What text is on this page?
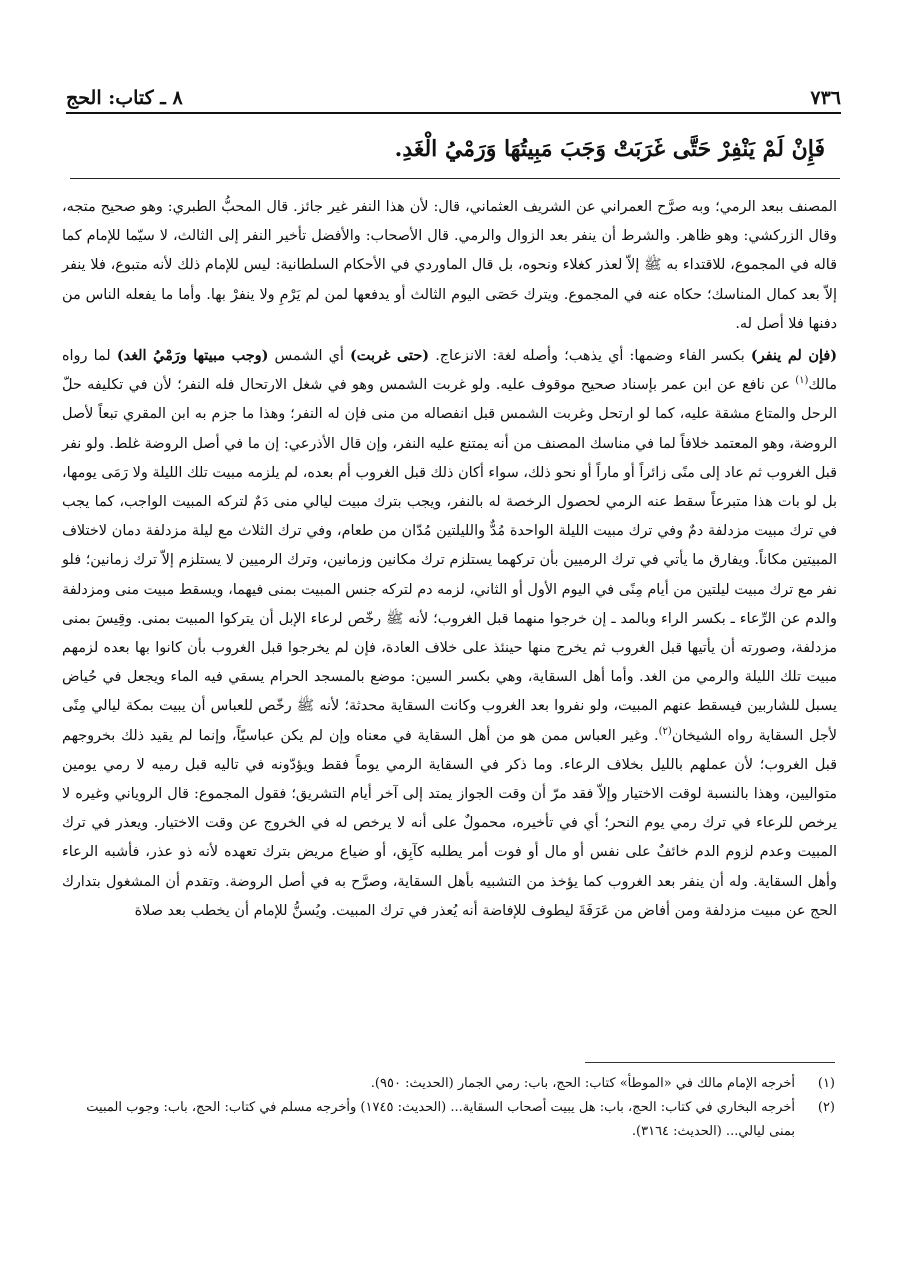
٧٣٦
٨ ـ كتاب: الحج
فَإِنْ لَمْ يَنْفِرْ حَتَّى غَرَبَتْ وَجَبَ مَبِيتُهَا وَرَمْيُ الْغَدِ.

المصنف ببعد الرمي؛ وبه صرَّح العمراني عن الشريف العثماني، قال: لأن هذا النفر غير جائز. قال المحبُّ الطبري: وهو صحيح متجه، وقال الزركشي: وهو ظاهر. والشرط أن ينفر بعد الزوال والرمي. قال الأصحاب: والأفضل تأخير النفر إلى الثالث، لا سيّما للإمام كما قاله في المجموع، للاقتداء به ﷺ إلاّ لعذر كغلاء ونحوه، بل قال الماوردي في الأحكام السلطانية: ليس للإمام ذلك لأنه متبوع، فلا ينفر إلاّ بعد كمال المناسك؛ حكاه عنه في المجموع. ويترك حَصَى اليوم الثالث أو يدفعها لمن لم يَرْمِ ولا ينفرْ بها. وأما ما يفعله الناس من دفنها فلا أصل له.

(فإن لم ينفر) بكسر الفاء وضمها: أي يذهب؛ وأصله لغة: الانزعاج. (حتى غربت) أي الشمس (وجب مبيتها ورَمْيُ الغد) لما رواه مالك$^{(١)}$ عن نافع عن ابن عمر بإسناد صحيح موقوف عليه. ولو غربت الشمس وهو في شغل الارتحال فله النفر؛ لأن في تكليفه حلّ الرحل والمتاع مشقة عليه، كما لو ارتحل وغربت الشمس قبل انفصاله من منى فإن له النفر؛ وهذا ما جزم به ابن المقري تبعاً لأصل الروضة، وهو المعتمد خلافاً لما في مناسك المصنف من أنه يمتنع عليه النفر، وإن قال الأذرعي: إن ما في أصل الروضة غلط. ولو نفر قبل الغروب ثم عاد إلى منًى زائراً أو ماراً أو نحو ذلك، سواء أكان ذلك قبل الغروب أم بعده، لم يلزمه مبيت تلك الليلة ولا رَمَى يومها، بل لو بات هذا متبرعاً سقط عنه الرمي لحصول الرخصة له بالنفر، ويجب بترك مبيت ليالي منى دَمٌ لتركه المبيت الواجب، كما يجب في ترك مبيت مزدلفة دمٌ وفي ترك مبيت الليلة الواحدة مُدٌّ والليلتين مُدّان من طعام، وفي ترك الثلاث مع ليلة مزدلفة دمان لاختلاف المبيتين مكاناً. ويفارق ما يأتي في ترك الرميين بأن تركهما يستلزم ترك مكانين وزمانين، وترك الرميين لا يستلزم إلاّ ترك زمانين؛ فلو نفر مع ترك مبيت ليلتين من أيام مِنًى في اليوم الأول أو الثاني، لزمه دم لتركه جنس المبيت بمنى فيهما، ويسقط مبيت منى ومزدلفة والدم عن الرِّعاء ـ بكسر الراء وبالمد ـ إن خرجوا منهما قبل الغروب؛ لأنه ﷺ رخّص لرعاء الإبل أن يتركوا المبيت بمنى. وقِيسَ بمنى مزدلفة، وصورته أن يأتيها قبل الغروب ثم يخرج منها حينئذ على خلاف العادة، فإن لم يخرجوا قبل الغروب بأن كانوا بها بعده لزمهم مبيت تلك الليلة والرمي من الغد. وأما أهل السقاية، وهي بكسر السين: موضع بالمسجد الحرام يسقي فيه الماء ويجعل في حُياض يسبل للشاربين فيسقط عنهم المبيت، ولو نفروا بعد الغروب وكانت السقاية محدثة؛ لأنه ﷺ رخّص للعباس أن يبيت بمكة ليالي مِنًى لأجل السقاية رواه الشيخان$^{(٢)}$. وغير العباس ممن هو من أهل السقاية في معناه وإن لم يكن عباسيّاً، وإنما لم يقيد ذلك بخروجهم قبل الغروب؛ لأن عملهم بالليل بخلاف الرعاء. وما ذكر في السقاية الرمي يوماً فقط ويؤدّونه في تاليه قبل رميه لا رمي يومين متواليين، وهذا بالنسبة لوقت الاختيار وإلاّ فقد مرّ أن وقت الجواز يمتد إلى آخر أيام التشريق؛ فقول المجموع: قال الروياني وغيره لا يرخص للرعاء في ترك رمي يوم النحر؛ أي في تأخيره، محمولٌ على أنه لا يرخص له في الخروج عن وقت الاختيار. ويعذر في ترك المبيت وعدم لزوم الدم خائفٌ على نفس أو مال أو فوت أمر يطلبه كآبِق، أو ضياع مريض بترك تعهده لأنه ذو عذر، فأشبه الرعاء وأهل السقاية. وله أن ينفر بعد الغروب كما يؤخذ من التشبيه بأهل السقاية، وصرَّح به في أصل الروضة. وتقدم أن المشغول بتدارك الحج عن مبيت مزدلفة ومن أفاض من عَرَفَةَ ليطوف للإفاضة أنه يُعذر في ترك المبيت. ويُسنُّ للإمام أن يخطب بعد صلاة

(١)
أخرجه الإمام مالك في «الموطأ» كتاب: الحج، باب: رمي الجمار (الحديث: ٩٥٠).
(٢)
أخرجه البخاري في كتاب: الحج، باب: هل يبيت أصحاب السقاية... (الحديث: ١٧٤٥) وأخرجه مسلم في كتاب: الحج، باب: وجوب المبيت بمنى ليالي... (الحديث: ٣١٦٤).
